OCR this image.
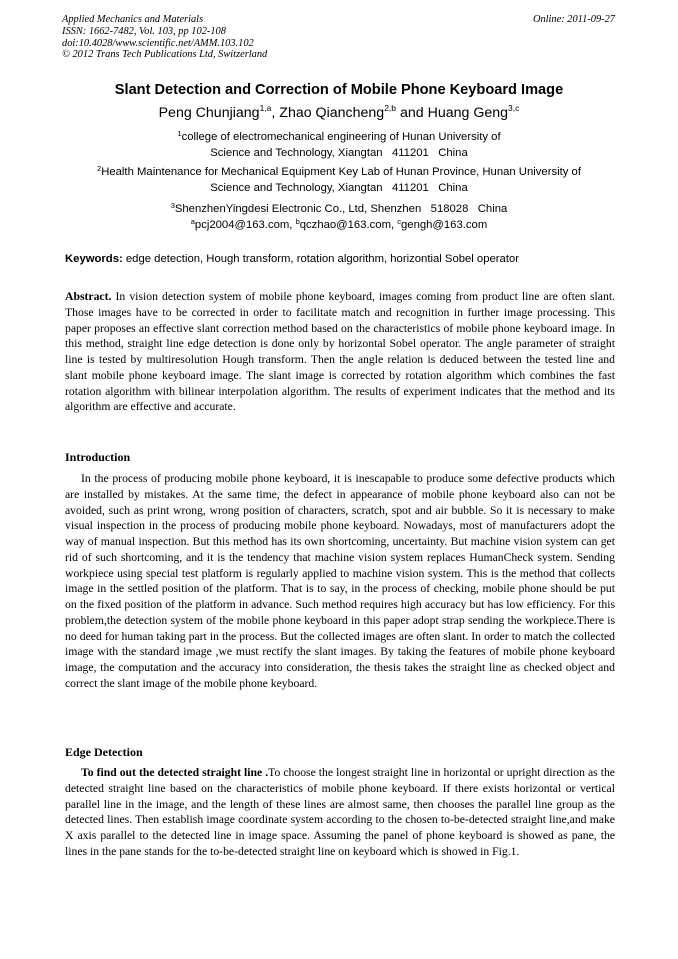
Applied Mechanics and Materials
ISSN: 1662-7482, Vol. 103, pp 102-108
doi:10.4028/www.scientific.net/AMM.103.102
© 2012 Trans Tech Publications Ltd, Switzerland
Online: 2011-09-27
Slant Detection and Correction of Mobile Phone Keyboard Image
Peng Chunjiang$^{1,a}$, Zhao Qiancheng$^{2,b}$ and Huang Geng$^{3,c}$
$^1$college of electromechanical engineering of Hunan University of
Science and Technology, Xiangtan   411201   China
$^2$Health Maintenance for Mechanical Equipment Key Lab of Hunan Province, Hunan University of
Science and Technology, Xiangtan   411201   China
$^3$ShenzhenYingdesi Electronic Co., Ltd, Shenzhen   518028   China
$^a$pcj2004@163.com, $^b$qczhao@163.com, $^c$gengh@163.com
Keywords: edge detection, Hough transform, rotation algorithm, horizontial Sobel operator
Abstract. In vision detection system of mobile phone keyboard, images coming from product line are often slant. Those images have to be corrected in order to facilitate match and recognition in further image processing. This paper proposes an effective slant correction method based on the characteristics of mobile phone keyboard image. In this method, straight line edge detection is done only by horizontal Sobel operator. The angle parameter of straight line is tested by multiresolution Hough transform. Then the angle relation is deduced between the tested line and slant mobile phone keyboard image. The slant image is corrected by rotation algorithm which combines the fast rotation algorithm with bilinear interpolation algorithm. The results of experiment indicates that the method and its algorithm are effective and accurate.
Introduction
In the process of producing mobile phone keyboard, it is inescapable to produce some defective products which are installed by mistakes. At the same time, the defect in appearance of mobile phone keyboard also can not be avoided, such as print wrong, wrong position of characters, scratch, spot and air bubble. So it is necessary to make visual inspection in the process of producing mobile phone keyboard. Nowadays, most of manufacturers adopt the way of manual inspection. But this method has its own shortcoming, uncertainty. But machine vision system can get rid of such shortcoming, and it is the tendency that machine vision system replaces HumanCheck system. Sending workpiece using special test platform is regularly applied to machine vision system. This is the method that collects image in the settled position of the platform. That is to say, in the process of checking, mobile phone should be put on the fixed position of the platform in advance. Such method requires high accuracy but has low efficiency. For this problem,the detection system of the mobile phone keyboard in this paper adopt strap sending the workpiece.There is no deed for human taking part in the process. But the collected images are often slant. In order to match the collected image with the standard image ,we must rectify the slant images. By taking the features of mobile phone keyboard image, the computation and the accuracy into consideration, the thesis takes the straight line as checked object and correct the slant image of the mobile phone keyboard.
Edge Detection
To find out the detected straight line .To choose the longest straight line in horizontal or upright direction as the detected straight line based on the characteristics of mobile phone keyboard. If there exists horizontal or vertical parallel line in the image, and the length of these lines are almost same, then chooses the parallel line group as the detected lines. Then establish image coordinate system according to the chosen to-be-detected straight line,and make X axis parallel to the detected line in image space. Assuming the panel of phone keyboard is showed as pane, the lines in the pane stands for the to-be-detected straight line on keyboard which is showed in Fig.1.
